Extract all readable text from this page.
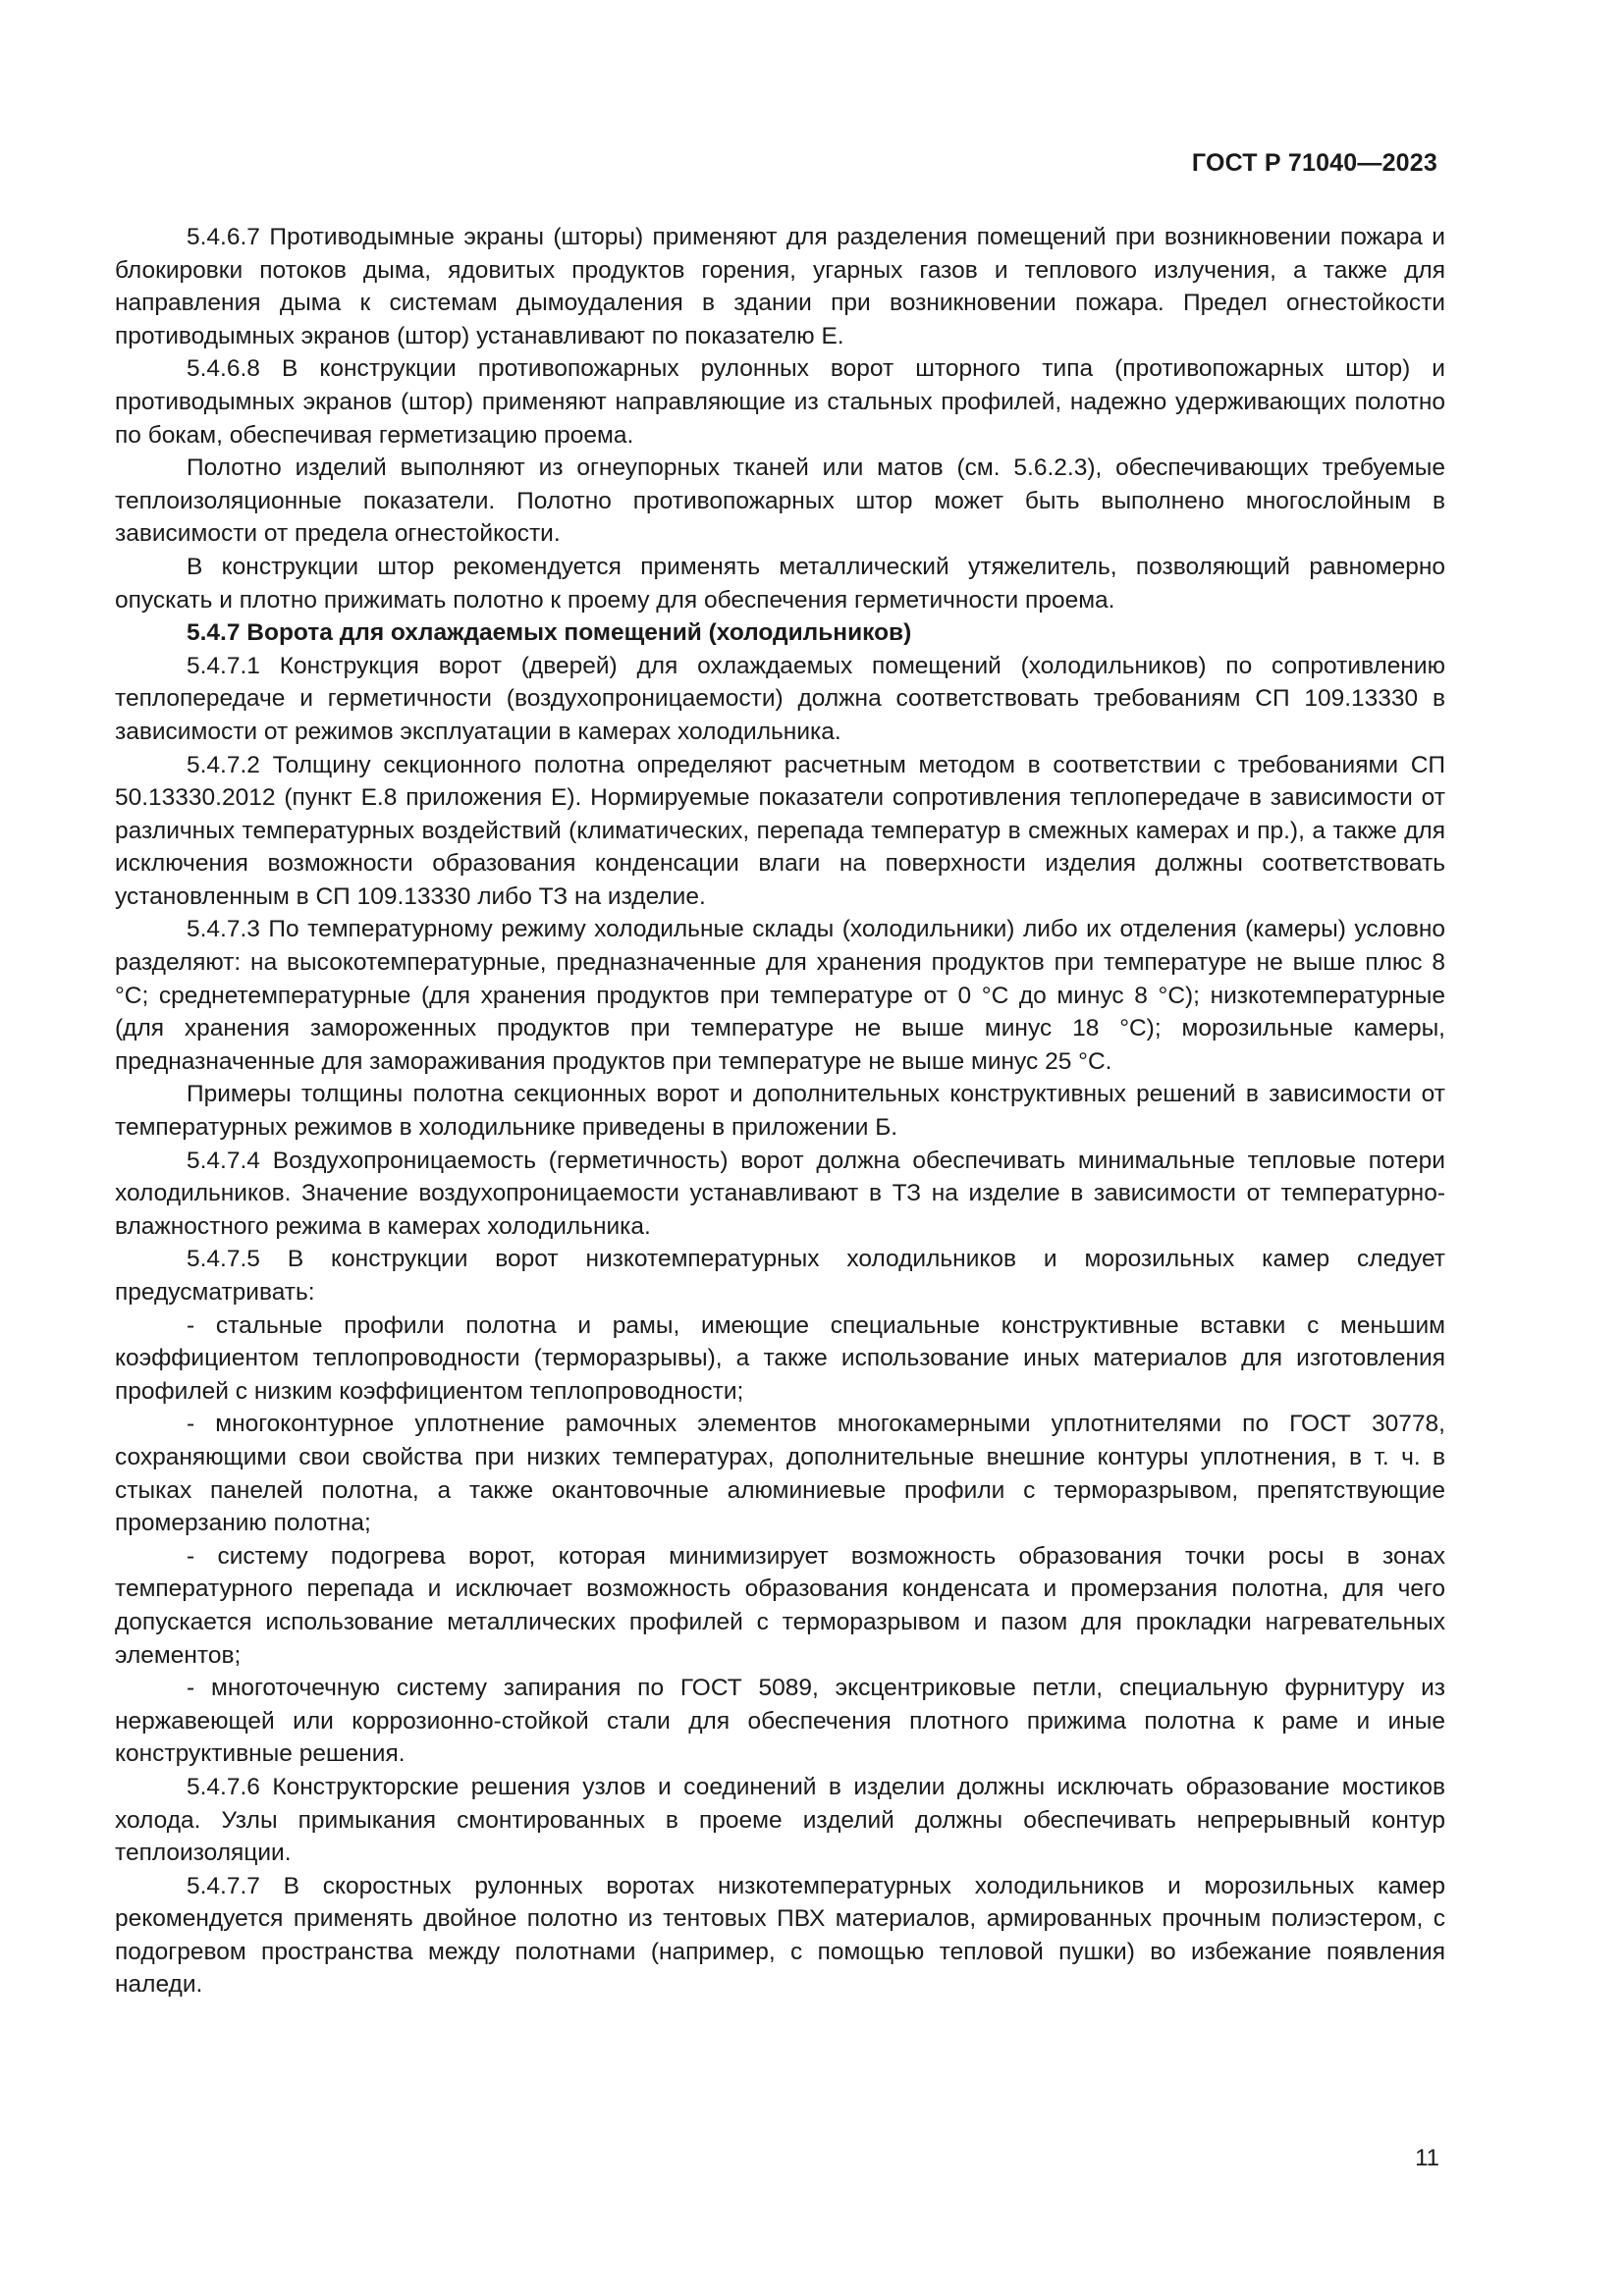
ГОСТ Р 71040—2023

5.4.6.7 Противодымные экраны (шторы) применяют для разделения помещений при возникновении пожара и блокировки потоков дыма, ядовитых продуктов горения, угарных газов и теплового излучения, а также для направления дыма к системам дымоудаления в здании при возникновении пожара. Предел огнестойкости противодымных экранов (штор) устанавливают по показателю Е.

5.4.6.8 В конструкции противопожарных рулонных ворот шторного типа (противопожарных штор) и противодымных экранов (штор) применяют направляющие из стальных профилей, надежно удерживающих полотно по бокам, обеспечивая герметизацию проема.

Полотно изделий выполняют из огнеупорных тканей или матов (см. 5.6.2.3), обеспечивающих требуемые теплоизоляционные показатели. Полотно противопожарных штор может быть выполнено многослойным в зависимости от предела огнестойкости.

В конструкции штор рекомендуется применять металлический утяжелитель, позволяющий равномерно опускать и плотно прижимать полотно к проему для обеспечения герметичности проема.

5.4.7 Ворота для охлаждаемых помещений (холодильников)

5.4.7.1 Конструкция ворот (дверей) для охлаждаемых помещений (холодильников) по сопротивлению теплопередаче и герметичности (воздухопроницаемости) должна соответствовать требованиям СП 109.13330 в зависимости от режимов эксплуатации в камерах холодильника.

5.4.7.2 Толщину секционного полотна определяют расчетным методом в соответствии с требованиями СП 50.13330.2012 (пункт Е.8 приложения Е). Нормируемые показатели сопротивления теплопередаче в зависимости от различных температурных воздействий (климатических, перепада температур в смежных камерах и пр.), а также для исключения возможности образования конденсации влаги на поверхности изделия должны соответствовать установленным в СП 109.13330 либо ТЗ на изделие.

5.4.7.3 По температурному режиму холодильные склады (холодильники) либо их отделения (камеры) условно разделяют: на высокотемпературные, предназначенные для хранения продуктов при температуре не выше плюс 8 °С; среднетемпературные (для хранения продуктов при температуре от 0 °С до минус 8 °С); низкотемпературные (для хранения замороженных продуктов при температуре не выше минус 18 °С); морозильные камеры, предназначенные для замораживания продуктов при температуре не выше минус 25 °С.

Примеры толщины полотна секционных ворот и дополнительных конструктивных решений в зависимости от температурных режимов в холодильнике приведены в приложении Б.

5.4.7.4 Воздухопроницаемость (герметичность) ворот должна обеспечивать минимальные тепловые потери холодильников. Значение воздухопроницаемости устанавливают в ТЗ на изделие в зависимости от температурно-влажностного режима в камерах холодильника.

5.4.7.5 В конструкции ворот низкотемпературных холодильников и морозильных камер следует предусматривать:

- стальные профили полотна и рамы, имеющие специальные конструктивные вставки с меньшим коэффициентом теплопроводности (терморазрывы), а также использование иных материалов для изготовления профилей с низким коэффициентом теплопроводности;

- многоконтурное уплотнение рамочных элементов многокамерными уплотнителями по ГОСТ 30778, сохраняющими свои свойства при низких температурах, дополнительные внешние контуры уплотнения, в т. ч. в стыках панелей полотна, а также окантовочные алюминиевые профили с терморазрывом, препятствующие промерзанию полотна;

- систему подогрева ворот, которая минимизирует возможность образования точки росы в зонах температурного перепада и исключает возможность образования конденсата и промерзания полотна, для чего допускается использование металлических профилей с терморазрывом и пазом для прокладки нагревательных элементов;

- многоточечную систему запирания по ГОСТ 5089, эксцентриковые петли, специальную фурнитуру из нержавеющей или коррозионно-стойкой стали для обеспечения плотного прижима полотна к раме и иные конструктивные решения.

5.4.7.6 Конструкторские решения узлов и соединений в изделии должны исключать образование мостиков холода. Узлы примыкания смонтированных в проеме изделий должны обеспечивать непрерывный контур теплоизоляции.

5.4.7.7 В скоростных рулонных воротах низкотемпературных холодильников и морозильных камер рекомендуется применять двойное полотно из тентовых ПВХ материалов, армированных прочным полиэстером, с подогревом пространства между полотнами (например, с помощью тепловой пушки) во избежание появления наледи.

11
